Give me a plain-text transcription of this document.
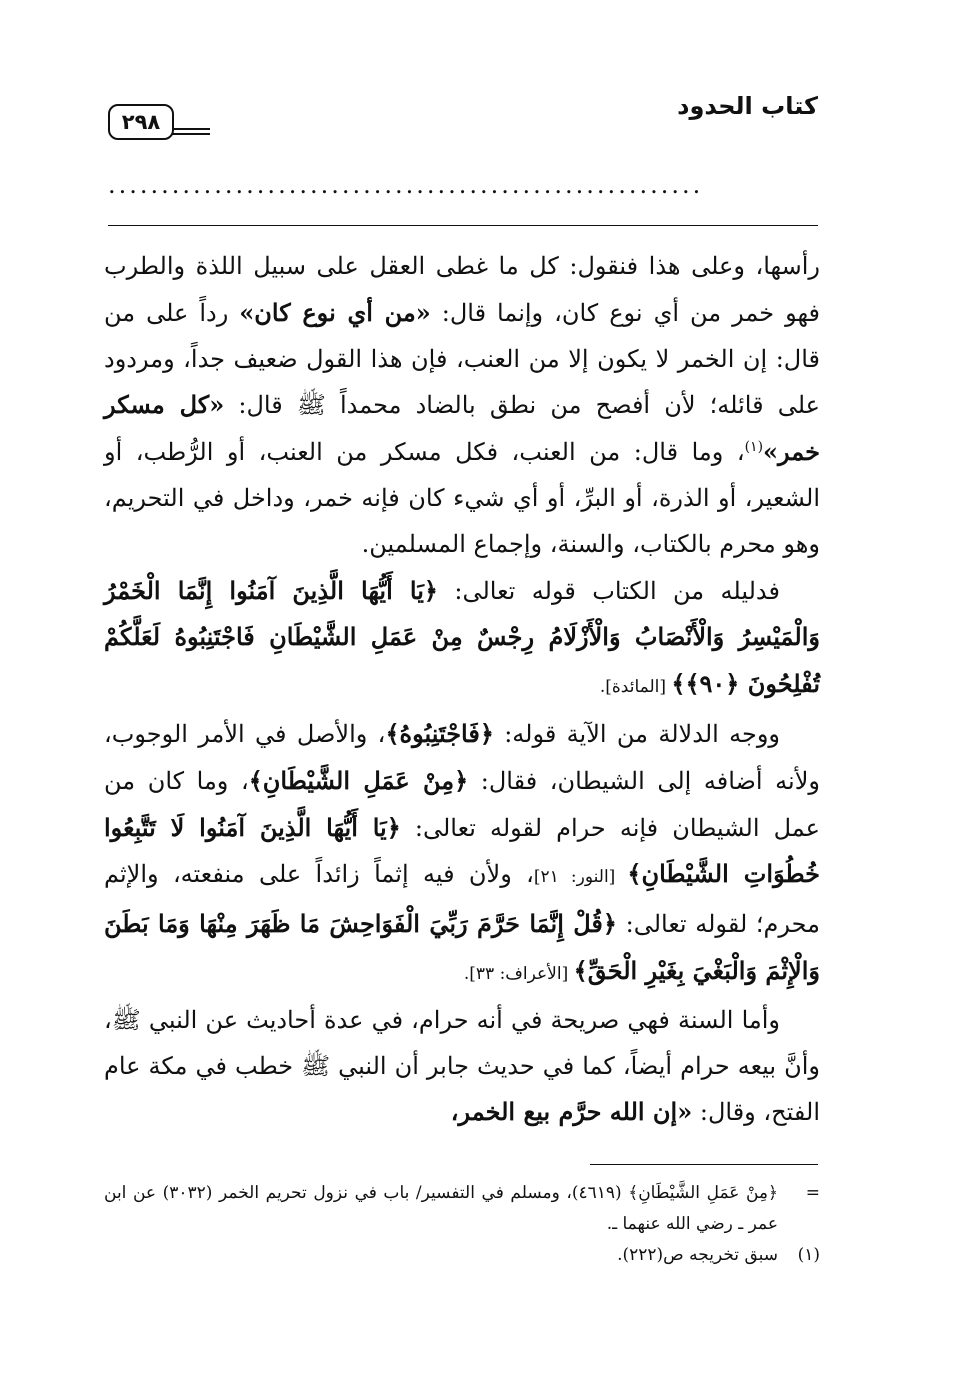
كتاب الحدود
٢٩٨
........................................................

رأسها، وعلى هذا فنقول: كل ما غطى العقل على سبيل اللذة والطرب فهو خمر من أي نوع كان، وإنما قال: «من أي نوع كان» رداً على من قال: إن الخمر لا يكون إلا من العنب، فإن هذا القول ضعيف جداً، ومردود على قائله؛ لأن أفصح من نطق بالضاد محمداً ﷺ قال: «كل مسكر خمر»$^{(١)}$، وما قال: من العنب، فكل مسكر من العنب، أو الرُّطب، أو الشعير، أو الذرة، أو البرِّ، أو أي شيء كان فإنه خمر، وداخل في التحريم، وهو محرم بالكتاب، والسنة، وإجماع المسلمين.

فدليله من الكتاب قوله تعالى: ﴿يَا أَيُّهَا الَّذِينَ آمَنُوا إِنَّمَا الْخَمْرُ وَالْمَيْسِرُ وَالْأَنْصَابُ وَالْأَزْلَامُ رِجْسٌ مِنْ عَمَلِ الشَّيْطَانِ فَاجْتَنِبُوهُ لَعَلَّكُمْ تُفْلِحُونَ ﴿٩٠﴾﴾ [المائدة].

ووجه الدلالة من الآية قوله: ﴿فَاجْتَنِبُوهُ﴾، والأصل في الأمر الوجوب، ولأنه أضافه إلى الشيطان، فقال: ﴿مِنْ عَمَلِ الشَّيْطَانِ﴾، وما كان من عمل الشيطان فإنه حرام لقوله تعالى: ﴿يَا أَيُّهَا الَّذِينَ آمَنُوا لَا تَتَّبِعُوا خُطُوَاتِ الشَّيْطَانِ﴾ [النور: ٢١]، ولأن فيه إثماً زائداً على منفعته، والإثم محرم؛ لقوله تعالى: ﴿قُلْ إِنَّمَا حَرَّمَ رَبِّيَ الْفَوَاحِشَ مَا ظَهَرَ مِنْهَا وَمَا بَطَنَ وَالْإِثْمَ وَالْبَغْيَ بِغَيْرِ الْحَقِّ﴾ [الأعراف: ٣٣].

وأما السنة فهي صريحة في أنه حرام، في عدة أحاديث عن النبي ﷺ، وأنَّ بيعه حرام أيضاً، كما في حديث جابر أن النبي ﷺ خطب في مكة عام الفتح، وقال: «إن الله حرَّم بيع الخمر،

=
﴿مِنْ عَمَلِ الشَّيْطَانِ﴾ (٤٦١٩)، ومسلم في التفسير/ باب في نزول تحريم الخمر (٣٠٣٢) عن ابن عمر ـ رضي الله عنهما ـ.
(١)
سبق تخريجه ص(٢٢٢).
